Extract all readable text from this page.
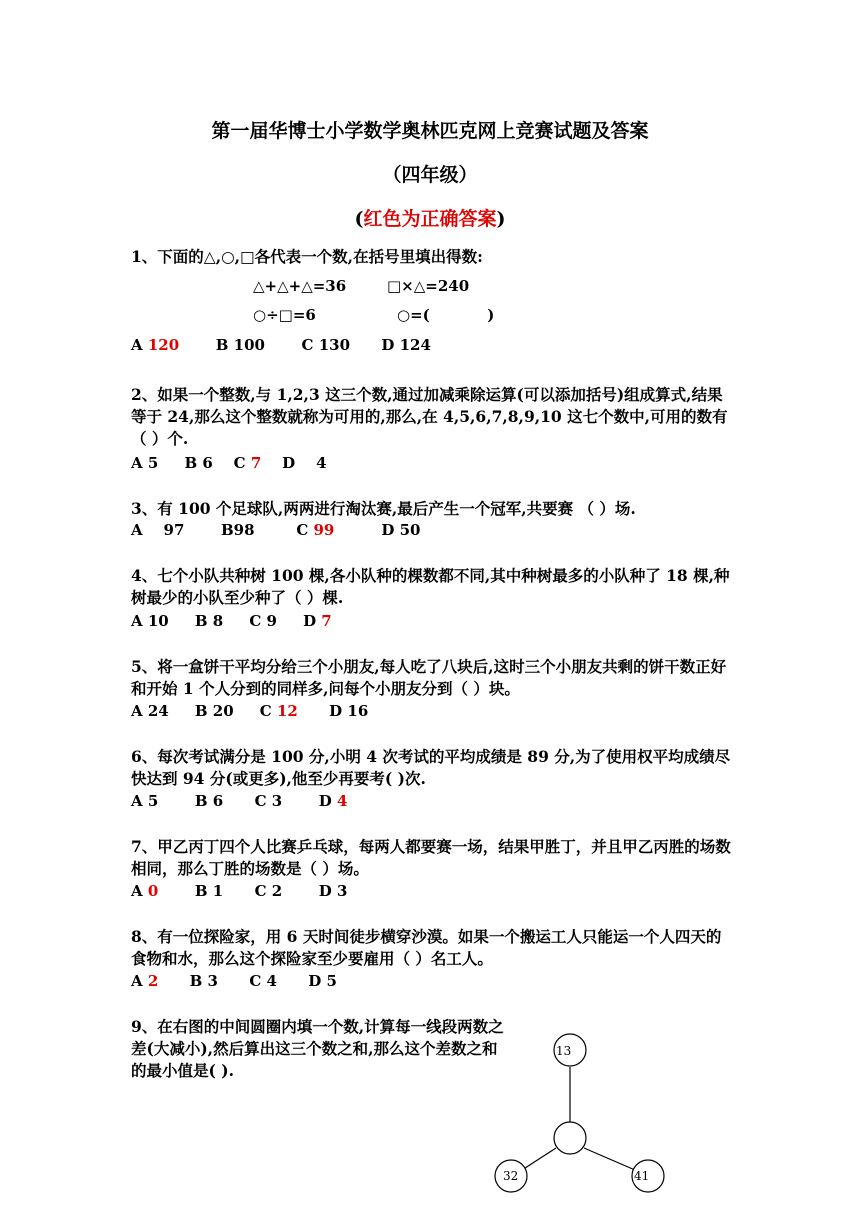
第一届华博士小学数学奥林匹克网上竞赛试题及答案
（四年级）
(红色为正确答案)
1、下面的△,○,□各代表一个数,在括号里填出得数:
△+△+△=36	□×△=240
○÷□=6	○=(           )
A 120 B 100 C 130 D 124
2、如果一个整数,与 1,2,3 这三个数,通过加减乘除运算(可以添加括号)组成算式,结果等于 24,那么这个整数就称为可用的,那么,在 4,5,6,7,8,9,10 这七个数中,可用的数有（ ）个.
A 5 B 6 C 7 D    4
3、有 100 个足球队,两两进行淘汰赛,最后产生一个冠军,共要赛 （ ）场.
A    97 B98	C 99	D 50
4、七个小队共种树 100 棵,各小队种的棵数都不同,其中种树最多的小队种了 18 棵,种树最少的小队至少种了（ ）棵.
A 10 B 8 C 9 D 7
5、将一盒饼干平均分给三个小朋友,每人吃了八块后,这时三个小朋友共剩的饼干数正好和开始 1 个人分到的同样多,问每个小朋友分到（ ）块。
A 24 B 20 C 12 D 16
6、每次考试满分是 100 分,小明 4 次考试的平均成绩是 89 分,为了使用权平均成绩尽快达到 94 分(或更多),他至少再要考( )次.
A 5 B 6 C 3 D 4
7、甲乙丙丁四个人比赛乒乓球，每两人都要赛一场，结果甲胜丁，并且甲乙丙胜的场数相同，那么丁胜的场数是（ ）场。
A 0 B 1 C 2 D 3
8、有一位探险家，用 6 天时间徒步横穿沙漠。如果一个搬运工人只能运一个人四天的食物和水，那么这个探险家至少要雇用（ ）名工人。
A 2 B 3 C 4 D 5
9、在右图的中间圆圈内填一个数,计算每一线段两数之差(大减小),然后算出这三个数之和,那么这个差数之和的最小值是( ).
13
32	41
